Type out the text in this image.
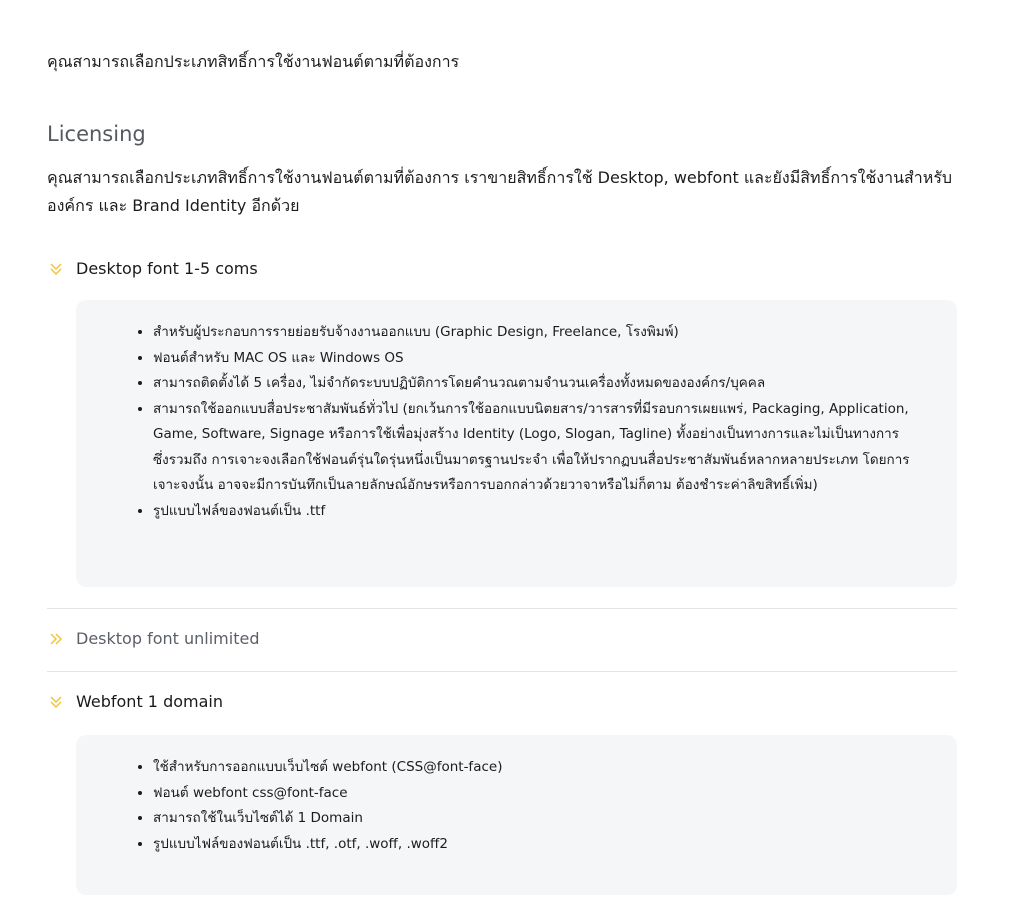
คุณสามารถเลือกประเภทสิทธิ์การใช้งานฟอนต์ตามที่ต้องการ
Licensing
คุณสามารถเลือกประเภทสิทธิ์การใช้งานฟอนต์ตามที่ต้องการ เราขายสิทธิ์การใช้ Desktop, webfont และยังมีสิทธิ์การใช้งานสำหรับองค์กร และ Brand Identity อีกด้วย
Desktop font 1-5 coms
• สำหรับผู้ประกอบการรายย่อยรับจ้างงานออกแบบ (Graphic Design, Freelance, โรงพิมพ์)
• ฟอนต์สำหรับ MAC OS และ Windows OS
• สามารถติดตั้งได้ 5 เครื่อง, ไม่จำกัดระบบปฏิบัติการโดยคำนวณตามจำนวนเครื่องทั้งหมดขององค์กร/บุคคล
• สามารถใช้ออกแบบสื่อประชาสัมพันธ์ทั่วไป (ยกเว้นการใช้ออกแบบนิตยสาร/วารสารที่มีรอบการเผยแพร่, Packaging, Application, Game, Software, Signage หรือการใช้เพื่อมุ่งสร้าง Identity (Logo, Slogan, Tagline) ทั้งอย่างเป็นทางการและไม่เป็นทางการ ซึ่งรวมถึง การเจาะจงเลือกใช้ฟอนต์รุ่นใดรุ่นหนึ่งเป็นมาตรฐานประจำ เพื่อให้ปรากฏบนสื่อประชาสัมพันธ์หลากหลายประเภท โดยการเจาะจงนั้น อาจจะมีการบันทึกเป็นลายลักษณ์อักษรหรือการบอกกล่าวด้วยวาจาหรือไม่ก็ตาม ต้องชำระค่าลิขสิทธิ์เพิ่ม)
• รูปแบบไฟล์ของฟอนต์เป็น .ttf
Desktop font unlimited
Webfont 1 domain
• ใช้สำหรับการออกแบบเว็บไซต์ webfont (CSS@font-face)
• ฟอนต์ webfont css@font-face
• สามารถใช้ในเว็บไซต์ได้ 1 Domain
• รูปแบบไฟล์ของฟอนต์เป็น .ttf, .otf, .woff, .woff2
